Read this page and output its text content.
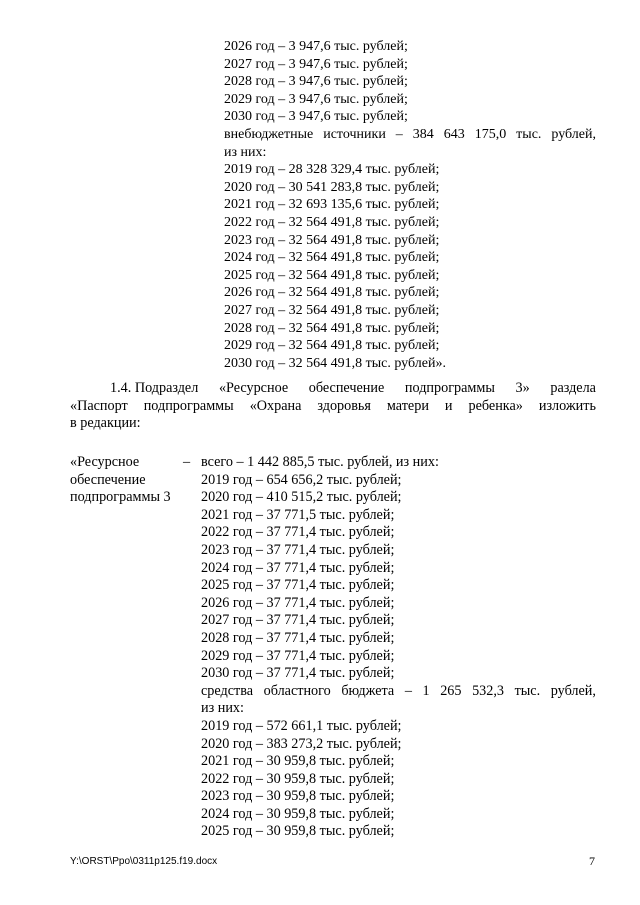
2026 год – 3 947,6 тыс. рублей;
2027 год – 3 947,6 тыс. рублей;
2028 год – 3 947,6 тыс. рублей;
2029 год – 3 947,6 тыс. рублей;
2030 год – 3 947,6 тыс. рублей;
внебюджетные источники – 384 643 175,0 тыс. рублей,
из них:
2019 год – 28 328 329,4 тыс. рублей;
2020 год – 30 541 283,8 тыс. рублей;
2021 год – 32 693 135,6 тыс. рублей;
2022 год – 32 564 491,8 тыс. рублей;
2023 год – 32 564 491,8 тыс. рублей;
2024 год – 32 564 491,8 тыс. рублей;
2025 год – 32 564 491,8 тыс. рублей;
2026 год – 32 564 491,8 тыс. рублей;
2027 год – 32 564 491,8 тыс. рублей;
2028 год – 32 564 491,8 тыс. рублей;
2029 год – 32 564 491,8 тыс. рублей;
2030 год – 32 564 491,8 тыс. рублей».
1.4. Подраздел «Ресурсное обеспечение подпрограммы 3» раздела
«Паспорт подпрограммы «Охрана здоровья матери и ребенка» изложить
в редакции:
«Ресурсное
обеспечение
подпрограммы 3
– всего – 1 442 885,5 тыс. рублей, из них:
2019 год – 654 656,2 тыс. рублей;
2020 год – 410 515,2 тыс. рублей;
2021 год – 37 771,5 тыс. рублей;
2022 год – 37 771,4 тыс. рублей;
2023 год – 37 771,4 тыс. рублей;
2024 год – 37 771,4 тыс. рублей;
2025 год – 37 771,4 тыс. рублей;
2026 год – 37 771,4 тыс. рублей;
2027 год – 37 771,4 тыс. рублей;
2028 год – 37 771,4 тыс. рублей;
2029 год – 37 771,4 тыс. рублей;
2030 год – 37 771,4 тыс. рублей;
средства областного бюджета – 1 265 532,3 тыс. рублей,
из них:
2019 год – 572 661,1 тыс. рублей;
2020 год – 383 273,2 тыс. рублей;
2021 год – 30 959,8 тыс. рублей;
2022 год – 30 959,8 тыс. рублей;
2023 год – 30 959,8 тыс. рублей;
2024 год – 30 959,8 тыс. рублей;
2025 год – 30 959,8 тыс. рублей;
Y:\ORST\Ppo\0311p125.f19.docx	7
